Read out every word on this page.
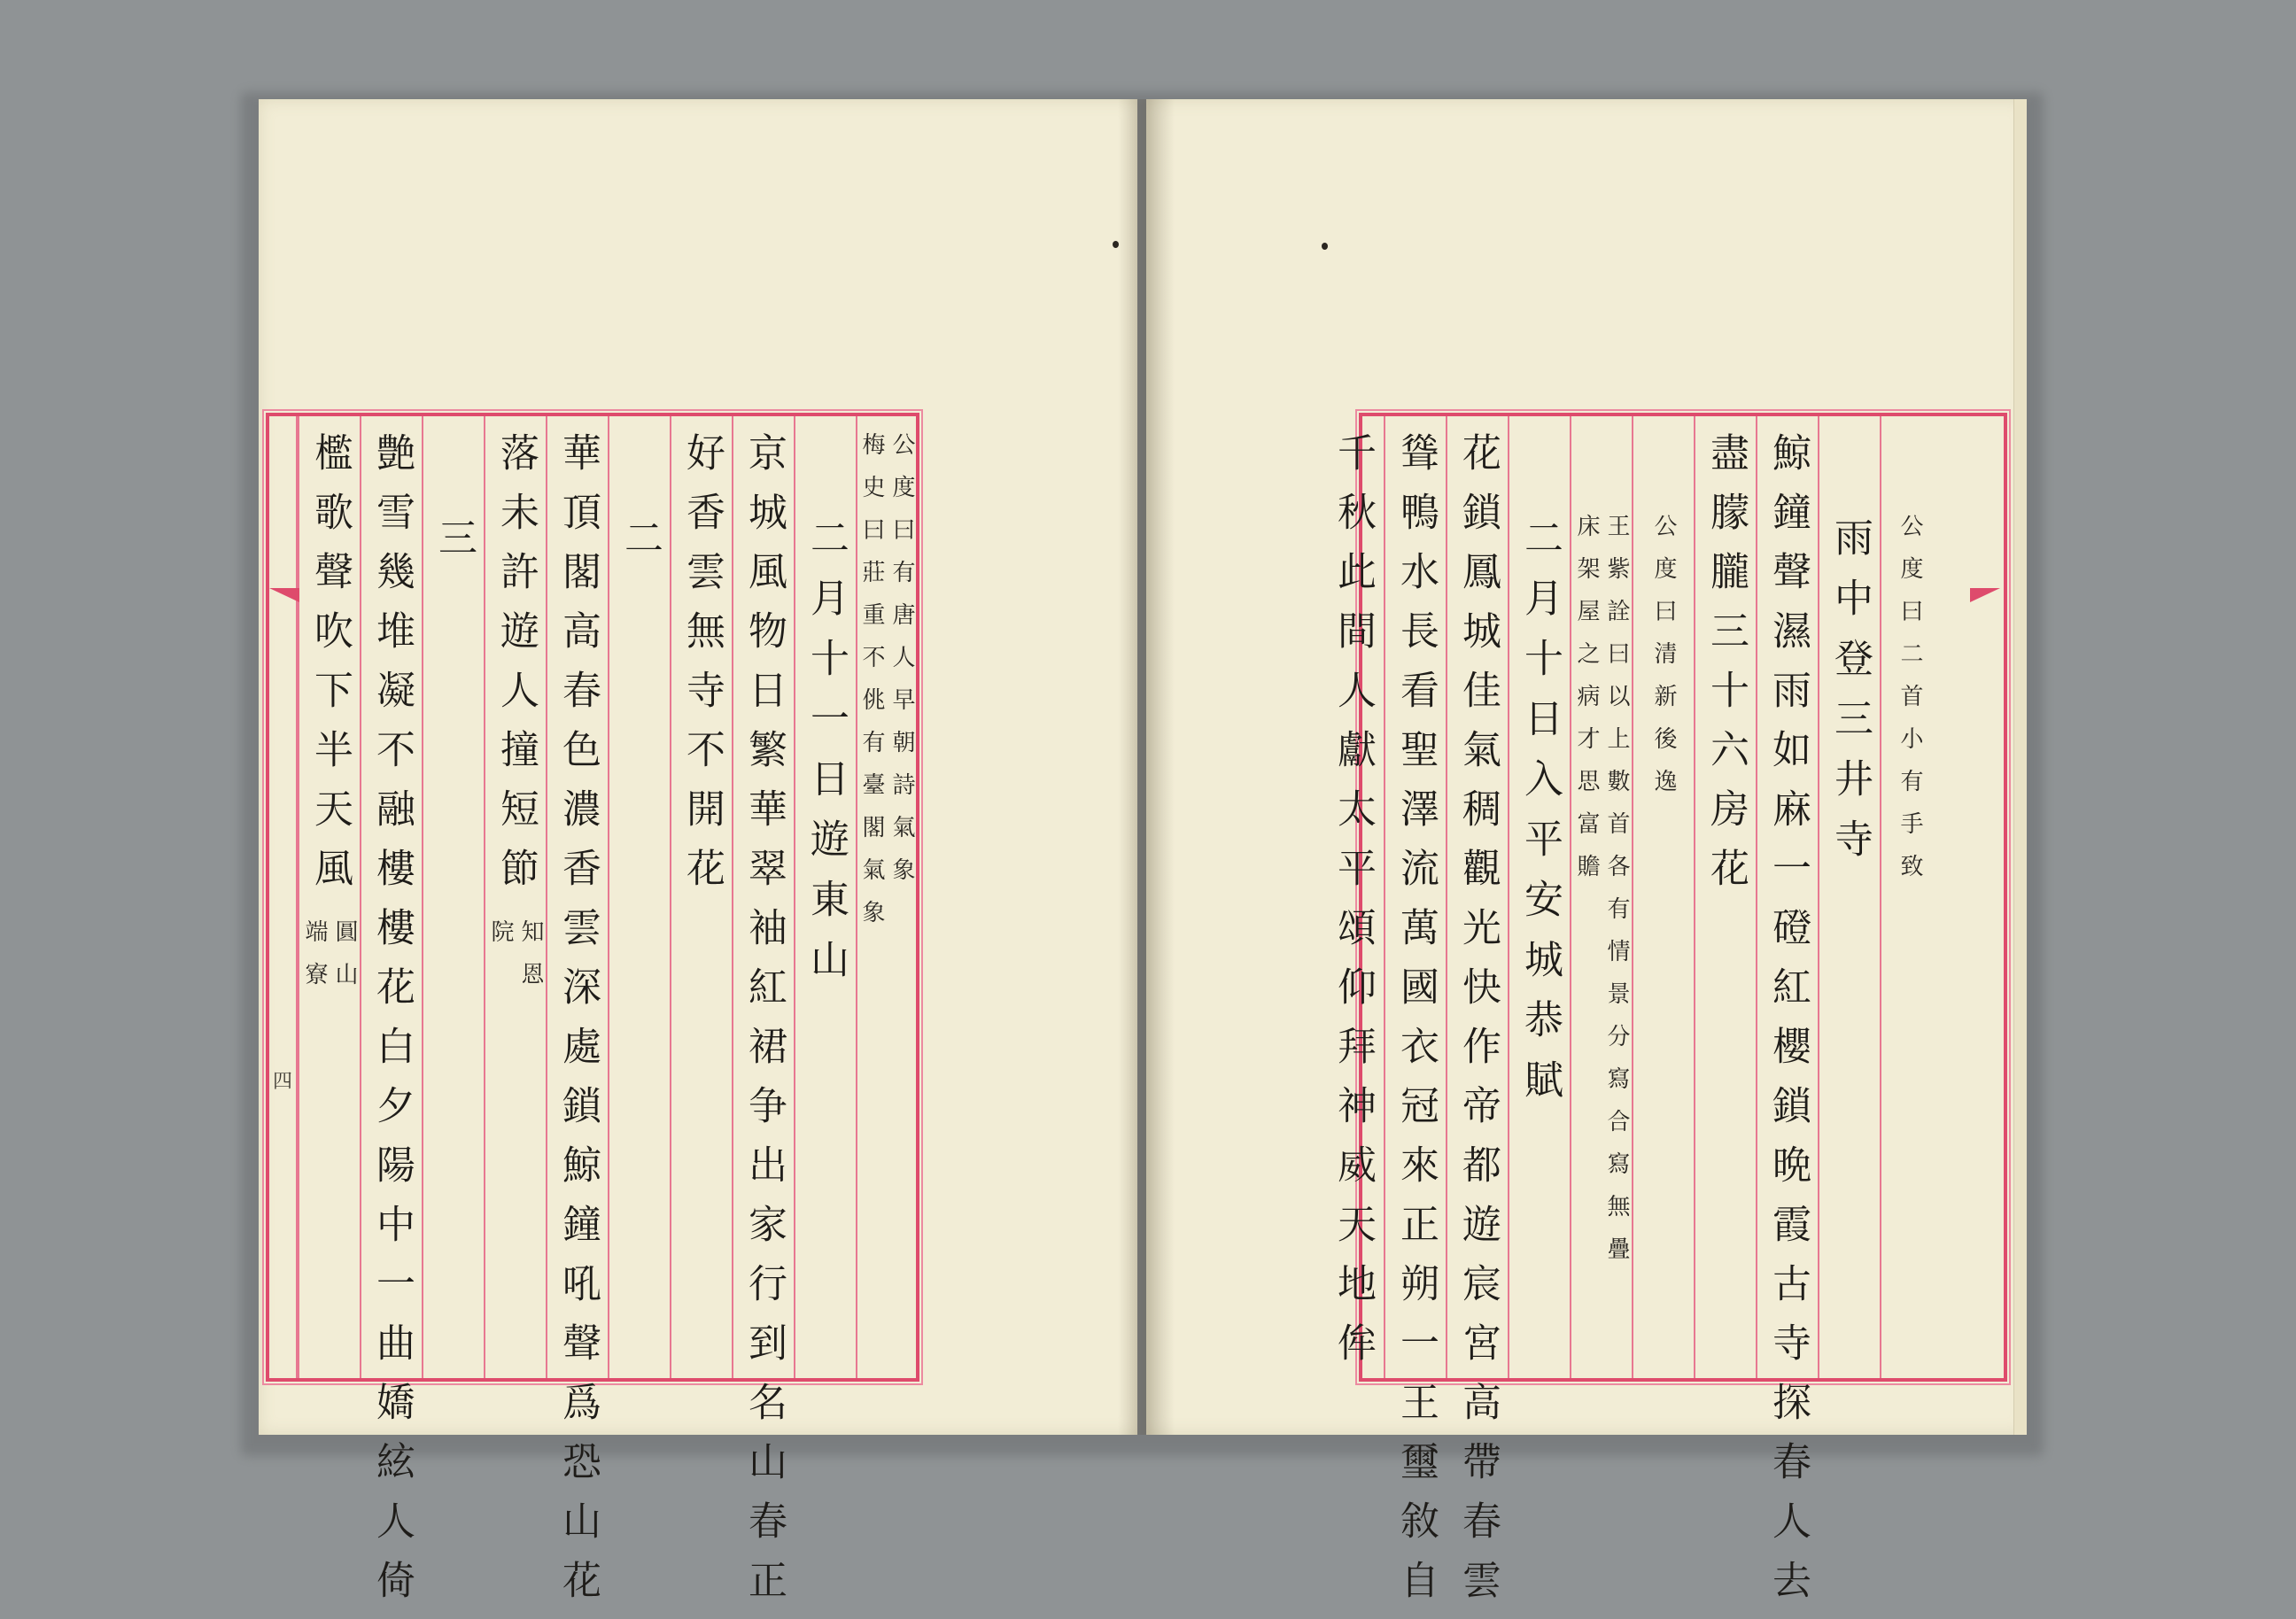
公度曰有唐人早朝詩氣象
梅史曰莊重不佻有臺閣氣象
二月十一日遊東山
京城風物日繁華翠袖紅裙争出家行到名山春正
好香雲無寺不開花
二
華頂閣高春色濃香雲深處鎖鯨鐘吼聲爲恐山花
落未許遊人撞短節
知恩
院
三
艶雪幾堆凝不融樓樓花白夕陽中一曲嬌絃人倚
檻歌聲吹下半天風
圓山
端寮
四
公度曰二首小有手致
雨中登三井寺
鯨鐘聲濕雨如麻一磴紅櫻鎖晩霞古寺探春人去
盡朦朧三十六房花
公度曰清新後逸
王紫詮曰以上數首各有情景分寫合寫無疊
床架屋之病才思富贍
二月十日入平安城恭賦
花鎖鳳城佳氣稠觀光快作帝都遊宸宮高帶春雲
聳鴨水長看聖澤流萬國衣冠來正朔一王璽敘自
千秋此間人獻太平頌仰拜神威天地侔
